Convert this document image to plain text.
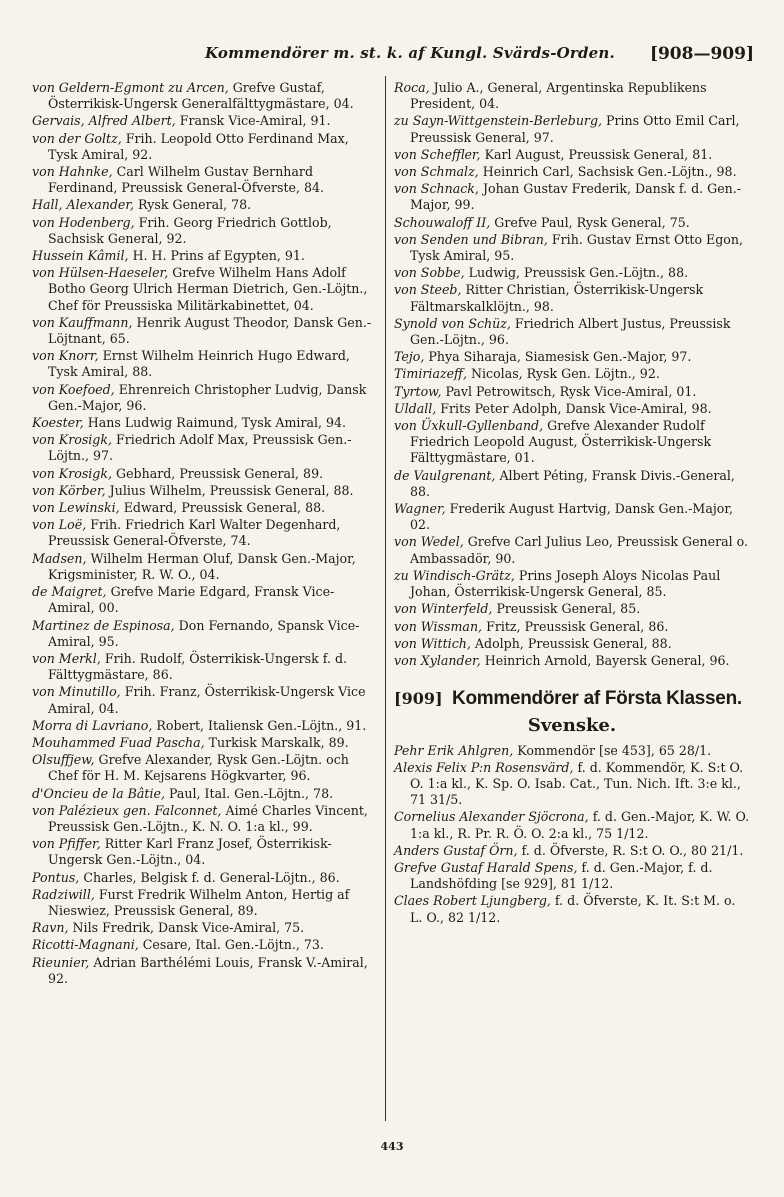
Kommendörer m. st. k. af Kungl. Svärds-Orden. [908—909]
von Geldern-Egmont zu Arcen, Grefve Gustaf, Österrikisk-Ungersk Generalfälttygmästare, 04.
Gervais, Alfred Albert, Fransk Vice-Amiral, 91.
von der Goltz, Frih. Leopold Otto Ferdinand Max, Tysk Amiral, 92.
von Hahnke, Carl Wilhelm Gustav Bernhard Ferdinand, Preussisk General-Öfverste, 84.
Hall, Alexander, Rysk General, 78.
von Hodenberg, Frih. Georg Friedrich Gottlob, Sachsisk General, 92.
Hussein Kâmil, H. H. Prins af Egypten, 91.
von Hülsen-Haeseler, Grefve Wilhelm Hans Adolf Botho Georg Ulrich Herman Dietrich, Gen.-Löjtn., Chef för Preussiska Militärkabinettet, 04.
von Kauffmann, Henrik August Theodor, Dansk Gen.-Löjtnant, 65.
von Knorr, Ernst Wilhelm Heinrich Hugo Edward, Tysk Amiral, 88.
von Koefoed, Ehrenreich Christopher Ludvig, Dansk Gen.-Major, 96.
Koester, Hans Ludwig Raimund, Tysk Amiral, 94.
von Krosigk, Friedrich Adolf Max, Preussisk Gen.-Löjtn., 97.
von Krosigk, Gebhard, Preussisk General, 89.
von Körber, Julius Wilhelm, Preussisk General, 88.
von Lewinski, Edward, Preussisk General, 88.
von Loë, Frih. Friedrich Karl Walter Degenhard, Preussisk General-Öfverste, 74.
Madsen, Wilhelm Herman Oluf, Dansk Gen.-Major, Krigsminister, R. W. O., 04.
de Maigret, Grefve Marie Edgard, Fransk Vice-Amiral, 00.
Martinez de Espinosa, Don Fernando, Spansk Vice-Amiral, 95.
von Merkl, Frih. Rudolf, Österrikisk-Ungersk f. d. Fälttygmästare, 86.
von Minutillo, Frih. Franz, Österrikisk-Ungersk Vice Amiral, 04.
Morra di Lavriano, Robert, Italiensk Gen.-Löjtn., 91.
Mouhammed Fuad Pascha, Turkisk Marskalk, 89.
Olsuffjew, Grefve Alexander, Rysk Gen.-Löjtn. och Chef för H. M. Kejsarens Högkvarter, 96.
d'Oncieu de la Bâtie, Paul, Ital. Gen.-Löjtn., 78.
von Palézieux gen. Falconnet, Aimé Charles Vincent, Preussisk Gen.-Löjtn., K. N. O. 1:a kl., 99.
von Pfiffer, Ritter Karl Franz Josef, Österrikisk-Ungersk Gen.-Löjtn., 04.
Pontus, Charles, Belgisk f. d. General-Löjtn., 86.
Radziwill, Furst Fredrik Wilhelm Anton, Hertig af Nieswiez, Preussisk General, 89.
Ravn, Nils Fredrik, Dansk Vice-Amiral, 75.
Ricotti-Magnani, Cesare, Ital. Gen.-Löjtn., 73.
Rieunier, Adrian Barthélémi Louis, Fransk V.-Amiral, 92.
Roca, Julio A., General, Argentinska Republikens President, 04.
zu Sayn-Wittgenstein-Berleburg, Prins Otto Emil Carl, Preussisk General, 97.
von Scheffler, Karl August, Preussisk General, 81.
von Schmalz, Heinrich Carl, Sachsisk Gen.-Löjtn., 98.
von Schnack, Johan Gustav Frederik, Dansk f. d. Gen.-Major, 99.
Schouwaloff II, Grefve Paul, Rysk General, 75.
von Senden und Bibran, Frih. Gustav Ernst Otto Egon, Tysk Amiral, 95.
von Sobbe, Ludwig, Preussisk Gen.-Löjtn., 88.
von Steeb, Ritter Christian, Österrikisk-Ungersk Fältmarskalklöjtn., 98.
Synold von Schüz, Friedrich Albert Justus, Preussisk Gen.-Löjtn., 96.
Tejo, Phya Siharaja, Siamesisk Gen.-Major, 97.
Timiriazeff, Nicolas, Rysk Gen. Löjtn., 92.
Tyrtow, Pavl Petrowitsch, Rysk Vice-Amiral, 01.
Uldall, Frits Peter Adolph, Dansk Vice-Amiral, 98.
von Üxkull-Gyllenband, Grefve Alexander Rudolf Friedrich Leopold August, Österrikisk-Ungersk Fälttygmästare, 01.
de Vaulgrenant, Albert Péting, Fransk Divis.-General, 88.
Wagner, Frederik August Hartvig, Dansk Gen.-Major, 02.
von Wedel, Grefve Carl Julius Leo, Preussisk General o. Ambassadör, 90.
zu Windisch-Grätz, Prins Joseph Aloys Nicolas Paul Johan, Österrikisk-Ungersk General, 85.
von Winterfeld, Preussisk General, 85.
von Wissman, Fritz, Preussisk General, 86.
von Wittich, Adolph, Preussisk General, 88.
von Xylander, Heinrich Arnold, Bayersk General, 96.
[909] Kommendörer af Första Klassen.
Svenske.
Pehr Erik Ahlgren, Kommendör [se 453], 65 28/1.
Alexis Felix P:n Rosensvärd, f. d. Kommendör, K. S:t O. O. 1:a kl., K. Sp. O. Isab. Cat., Tun. Nich. Ift. 3:e kl., 71 31/5.
Cornelius Alexander Sjöcrona, f. d. Gen.-Major, K. W. O. 1:a kl., R. Pr. R. Ö. O. 2:a kl., 75 1/12.
Anders Gustaf Örn, f. d. Öfverste, R. S:t O. O., 80 21/1.
Grefve Gustaf Harald Spens, f. d. Gen.-Major, f. d. Landshöfding [se 929], 81 1/12.
Claes Robert Ljungberg, f. d. Öfverste, K. It. S:t M. o. L. O., 82 1/12.
443
